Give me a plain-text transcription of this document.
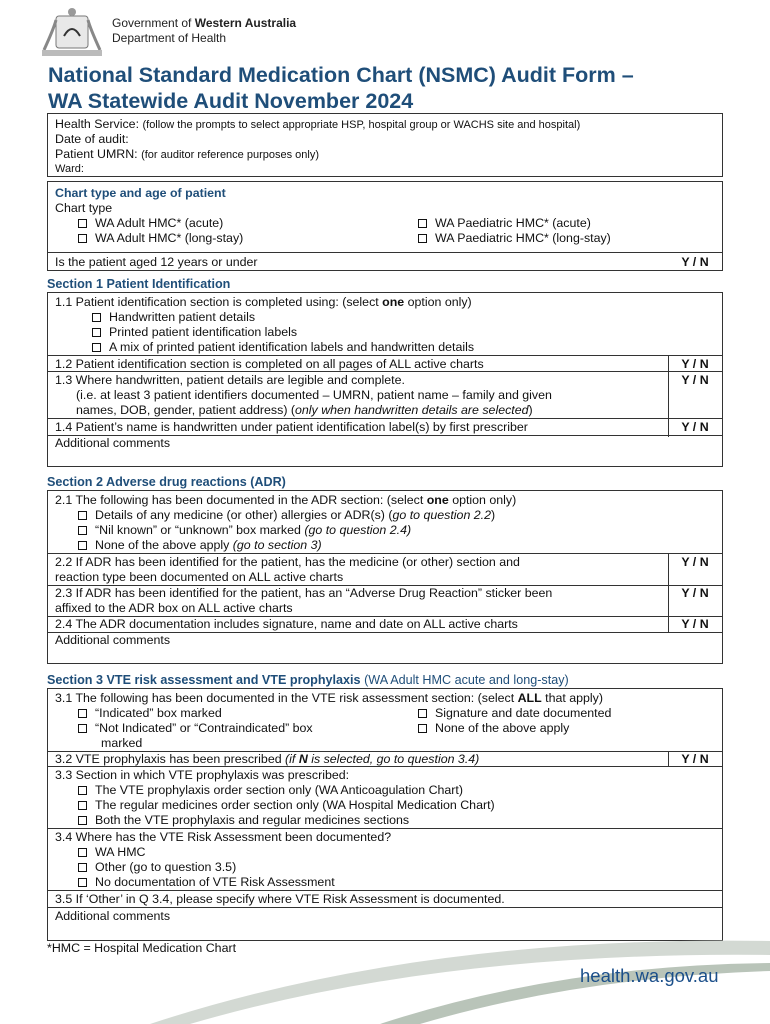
Government of Western Australia
Department of Health
National Standard Medication Chart (NSMC) Audit Form –
WA Statewide Audit November 2024
Health Service: (follow the prompts to select appropriate HSP, hospital group or WACHS site and hospital)
Date of audit:
Patient UMRN: (for auditor reference purposes only)
Ward:
Chart type and age of patient
Chart type
WA Adult HMC* (acute)
WA Adult HMC* (long-stay)
WA Paediatric HMC* (acute)
WA Paediatric HMC* (long-stay)
Is the patient aged 12 years or under	Y / N
Section 1 Patient Identification
1.1 Patient identification section is completed using: (select one option only)
Handwritten patient details
Printed patient identification labels
A mix of printed patient identification labels and handwritten details
1.2 Patient identification section is completed on all pages of ALL active charts	Y / N
1.3 Where handwritten, patient details are legible and complete.	Y / N
(i.e. at least 3 patient identifiers documented – UMRN, patient name – family and given
names, DOB, gender, patient address) (only when handwritten details are selected)
1.4 Patient’s name is handwritten under patient identification label(s) by first prescriber	Y / N
Additional comments
Section 2 Adverse drug reactions (ADR)
2.1 The following has been documented in the ADR section: (select one option only)
Details of any medicine (or other) allergies or ADR(s) (go to question 2.2)
“Nil known” or “unknown” box marked (go to question 2.4)
None of the above apply (go to section 3)
2.2 If ADR has been identified for the patient, has the medicine (or other) section and
reaction type been documented on ALL active charts
Y / N
2.3 If ADR has been identified for the patient, has an “Adverse Drug Reaction” sticker been
affixed to the ADR box on ALL active charts
Y / N
2.4 The ADR documentation includes signature, name and date on ALL active charts	Y / N
Additional comments
Section 3 VTE risk assessment and VTE prophylaxis (WA Adult HMC acute and long-stay)
3.1 The following has been documented in the VTE risk assessment section: (select ALL that apply)
“Indicated” box marked
“Not Indicated” or “Contraindicated” box
marked
Signature and date documented
None of the above apply
3.2 VTE prophylaxis has been prescribed (if N is selected, go to question 3.4)	Y / N
3.3 Section in which VTE prophylaxis was prescribed:
The VTE prophylaxis order section only (WA Anticoagulation Chart)
The regular medicines order section only (WA Hospital Medication Chart)
Both the VTE prophylaxis and regular medicines sections
3.4 Where has the VTE Risk Assessment been documented?
WA HMC
Other (go to question 3.5)
No documentation of VTE Risk Assessment
3.5 If ‘Other’ in Q 3.4, please specify where VTE Risk Assessment is documented.
Additional comments
*HMC = Hospital Medication Chart
health.wa.gov.au
